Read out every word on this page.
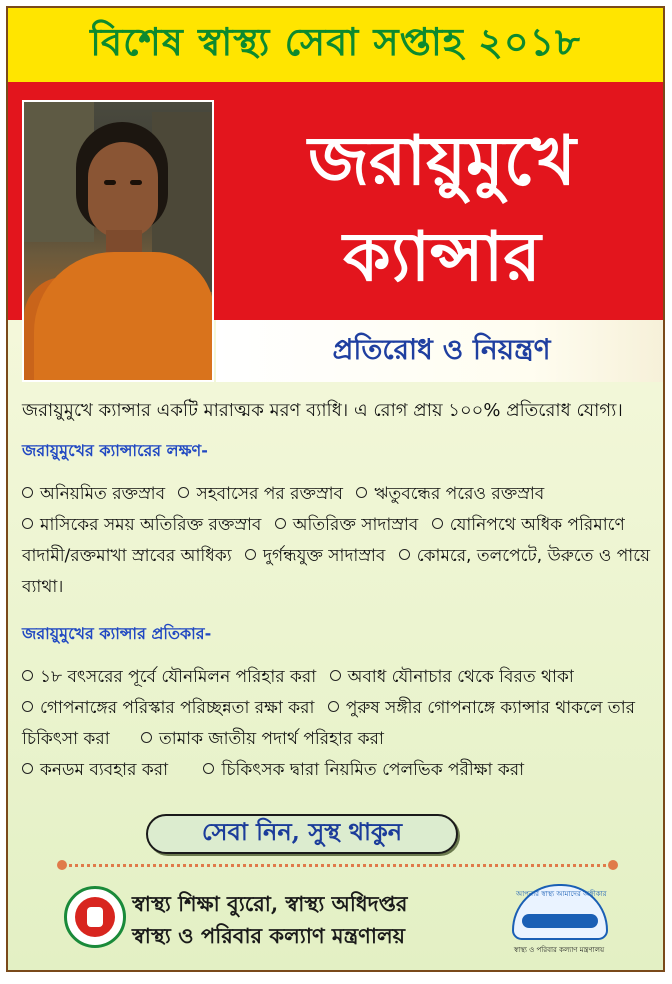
বিশেষ স্বাস্থ্য সেবা সপ্তাহ ২০১৮
জরায়ুমুখে
ক্যান্সার
প্রতিরোধ ও নিয়ন্ত্রণ

জরায়ুমুখে ক্যান্সার একটি মারাত্মক মরণ ব্যাধি। এ রোগ প্রায় ১০০% প্রতিরোধ যোগ্য।

জরায়ুমুখের ক্যান্সারের লক্ষণ-
অনিয়মিত রক্তস্রাব সহবাসের পর রক্তস্রাব ঋতুবন্ধের পরেও রক্তস্রাব
মাসিকের সময় অতিরিক্ত রক্তস্রাব অতিরিক্ত সাদাস্রাব যোনিপথে অধিক পরিমাণে বাদামী/রক্তমাখা স্রাবের আধিক্য দুর্গন্ধযুক্ত সাদাস্রাব কোমরে, তলপেটে, উরুতে ও পায়ে ব্যাথা।
জরায়ুমুখের ক্যান্সার প্রতিকার-
১৮ বৎসরের পূর্বে যৌনমিলন পরিহার করা অবাধ যৌনাচার থেকে বিরত থাকা
গোপনাঙ্গের পরিস্কার পরিচ্ছন্নতা রক্ষা করা পুরুষ সঙ্গীর গোপনাঙ্গে ক্যান্সার থাকলে তার চিকিৎসা করা	তামাক জাতীয় পদার্থ পরিহার করা
কনডম ব্যবহার করা	চিকিৎসক দ্বারা নিয়মিত পেলভিক পরীক্ষা করা
সেবা নিন, সুস্থ থাকুন
স্বাস্থ্য শিক্ষা ব্যুরো, স্বাস্থ্য অধিদপ্তর
স্বাস্থ্য ও পরিবার কল্যাণ মন্ত্রণালয়
আপনার স্বাস্থ্য আমাদের অঙ্গীকার
স্বাস্থ্য ও পরিবার কল্যাণ মন্ত্রণালয়
